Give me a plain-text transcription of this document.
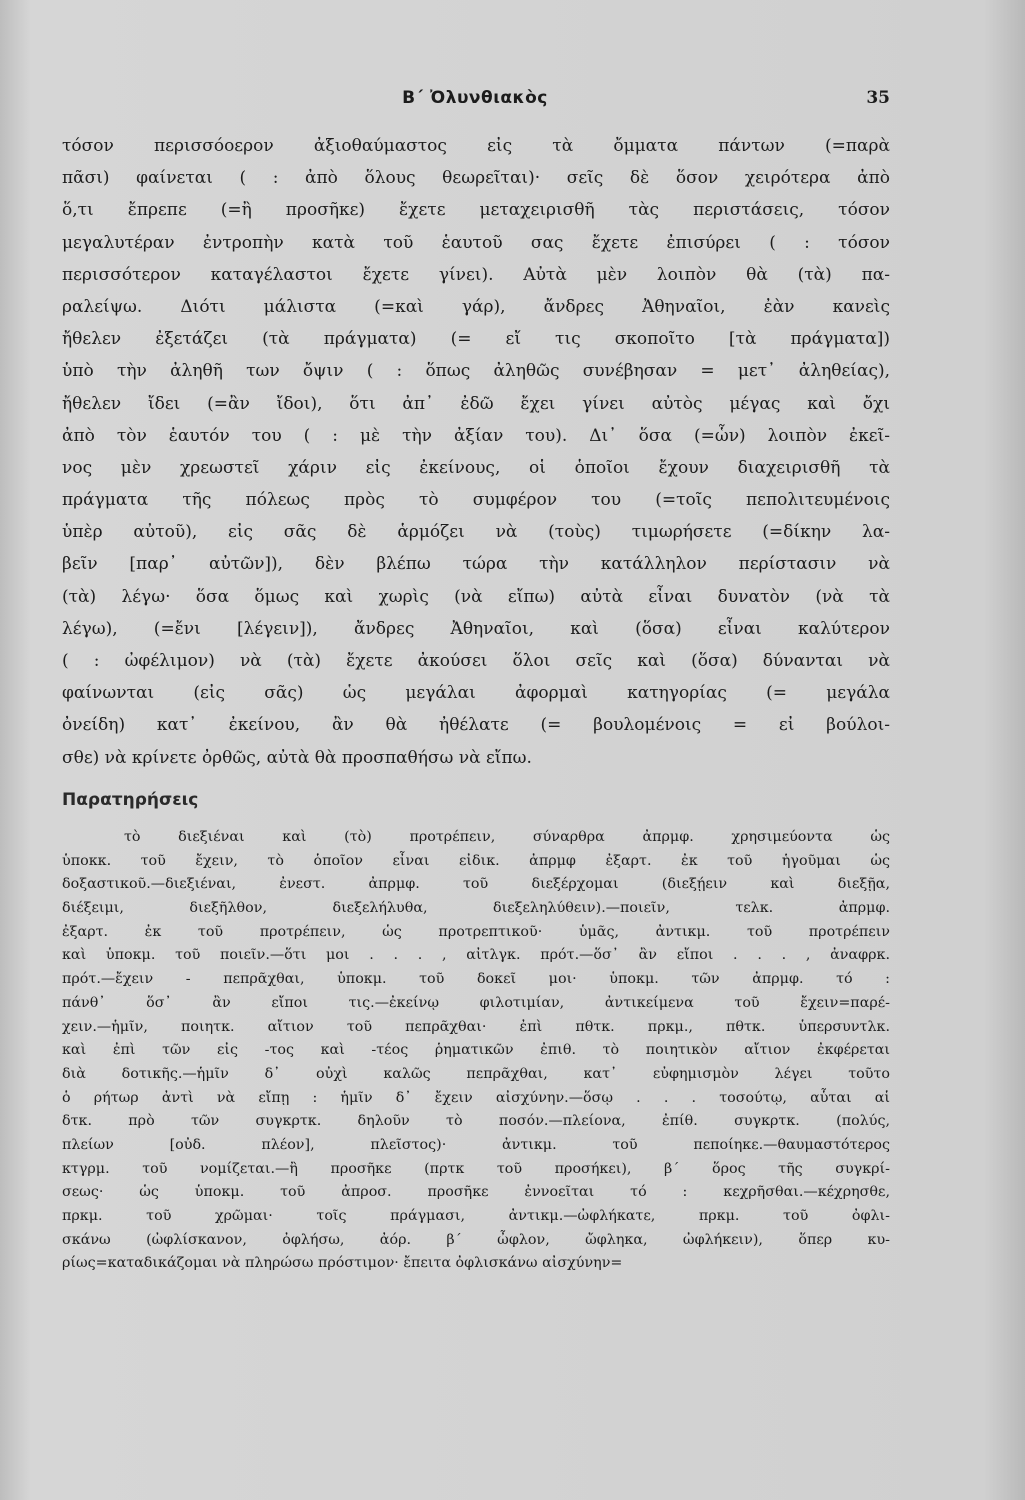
Β΄ Ὀλυνθιακὸς	35
τόσον περισσόοερον ἀξιοθαύμαστος εἰς τὰ ὄμματα πάντων (=παρὰ
πᾶσι) φαίνεται ( : ἀπὸ ὅλους θεωρεῖται)· σεῖς δὲ ὅσον χειρότερα ἀπὸ
ὅ,τι ἔπρεπε (=ἢ προσῆκε) ἔχετε μεταχειρισθῆ τὰς περιστάσεις, τόσον
μεγαλυτέραν ἐντροπὴν κατὰ τοῦ ἑαυτοῦ σας ἔχετε ἐπισύρει ( : τόσον
περισσότερον καταγέλαστοι ἔχετε γίνει). Αὐτὰ μὲν λοιπὸν θὰ (τὰ) πα-
ραλείψω. Διότι μάλιστα (=καὶ γάρ), ἄνδρες Ἀθηναῖοι, ἐὰν κανεὶς
ἤθελεν ἐξετάζει (τὰ πράγματα) (= εἴ τις σκοποῖτο [τὰ πράγματα])
ὑπὸ τὴν ἀληθῆ των ὄψιν ( : ὅπως ἀληθῶς συνέβησαν = μετ᾽ ἀληθείας),
ἤθελεν ἴδει (=ἂν ἴδοι), ὅτι ἀπ᾽ ἐδῶ ἔχει γίνει αὐτὸς μέγας καὶ ὄχι
ἀπὸ τὸν ἑαυτόν του ( : μὲ τὴν ἀξίαν του). Δι᾽ ὅσα (=ὧν) λοιπὸν ἐκεῖ-
νος μὲν χρεωστεῖ χάριν εἰς ἐκείνους, οἱ ὁποῖοι ἔχουν διαχειρισθῆ τὰ
πράγματα τῆς πόλεως πρὸς τὸ συμφέρον του (=τοῖς πεπολιτευμένοις
ὑπὲρ αὐτοῦ), εἰς σᾶς δὲ ἁρμόζει νὰ (τοὺς) τιμωρήσετε (=δίκην λα-
βεῖν [παρ᾽ αὐτῶν]), δὲν βλέπω τώρα τὴν κατάλληλον περίστασιν νὰ
(τὰ) λέγω· ὅσα ὅμως καὶ χωρὶς (νὰ εἴπω) αὐτὰ εἶναι δυνατὸν (νὰ τὰ
λέγω), (=ἔνι [λέγειν]), ἄνδρες Ἀθηναῖοι, καὶ (ὅσα) εἶναι καλύτερον
( : ὠφέλιμον) νὰ (τὰ) ἔχετε ἀκούσει ὅλοι σεῖς καὶ (ὅσα) δύνανται νὰ
φαίνωνται (εἰς σᾶς) ὡς μεγάλαι ἀφορμαὶ κατηγορίας (= μεγάλα
ὀνείδη) κατ᾽ ἐκείνου, ἂν θὰ ἠθέλατε (= βουλομένοις = εἰ βούλοι-
σθε) νὰ κρίνετε ὀρθῶς, αὐτὰ θὰ προσπαθήσω νὰ εἴπω.
Παρατηρήσεις
τὸ διεξιέναι καὶ (τὸ) προτρέπειν, σύναρθρα ἀπρμφ. χρησιμεύοντα ὡς
ὑποκκ. τοῦ ἔχειν, τὸ ὁποῖον εἶναι εἰδικ. ἀπρμφ ἐξαρτ. ἐκ τοῦ ἡγοῦμαι ὡς
δοξαστικοῦ.—διεξιέναι, ἐνεστ. ἀπρμφ. τοῦ διεξέρχομαι (διεξῄειν καὶ διεξῇα,
διέξειμι, διεξῆλθον, διεξελήλυθα, διεξεληλύθειν).—ποιεῖν, τελκ. ἀπρμφ.
ἐξαρτ. ἐκ τοῦ προτρέπειν, ὡς προτρεπτικοῦ· ὑμᾶς, ἀντικμ. τοῦ προτρέπειν
καὶ ὑποκμ. τοῦ ποιεῖν.—ὅτι μοι . . . , αἰτλγκ. πρότ.—ὅσ᾽ ἂν εἴποι . . . , ἀναφρκ.
πρότ.—ἔχειν - πεπρᾶχθαι, ὑποκμ. τοῦ δοκεῖ μοι· ὑποκμ. τῶν ἀπρμφ. τό :
πάνθ᾽ ὅσ᾽ ἂν εἴποι τις.—ἐκείνῳ φιλοτιμίαν, ἀντικείμενα τοῦ ἔχειν=παρέ-
χειν.—ἡμῖν, ποιητκ. αἴτιον τοῦ πεπρᾶχθαι· ἐπὶ πθτκ. πρκμ., πθτκ. ὑπερσυντλκ.
καὶ ἐπὶ τῶν εἰς -τος καὶ -τέος ῥηματικῶν ἐπιθ. τὸ ποιητικὸν αἴτιον ἐκφέρεται
διὰ δοτικῆς.—ἡμῖν δ᾽ οὐχὶ καλῶς πεπρᾶχθαι, κατ᾽ εὐφημισμὸν λέγει τοῦτο
ὁ ρήτωρ ἀντὶ νὰ εἴπῃ : ἡμῖν δ᾽ ἔχειν αἰσχύνην.—ὅσῳ . . . τοσούτῳ, αὗται αἱ
δτκ. πρὸ τῶν συγκρτκ. δηλοῦν τὸ ποσόν.—πλείονα, ἐπίθ. συγκρτκ. (πολύς,
πλείων [οὐδ. πλέον], πλεῖστος)· ἀντικμ. τοῦ πεποίηκε.—θαυμαστότερος
κτγρμ. τοῦ νομίζεται.—ἢ προσῆκε (πρτκ τοῦ προσήκει), β΄ ὅρος τῆς συγκρί-
σεως· ὡς ὑποκμ. τοῦ ἀπροσ. προσῆκε ἐννοεῖται τό : κεχρῆσθαι.—κέχρησθε,
πρκμ. τοῦ χρῶμαι· τοῖς πράγμασι, ἀντικμ.—ὠφλήκατε, πρκμ. τοῦ ὀφλι-
σκάνω (ὠφλίσκανον, ὀφλήσω, ἀόρ. β΄ ὦφλον, ὤφληκα, ὠφλήκειν), ὅπερ κυ-
ρίως=καταδικάζομαι νὰ πληρώσω πρόστιμον· ἔπειτα ὀφλισκάνω αἰσχύνην=
